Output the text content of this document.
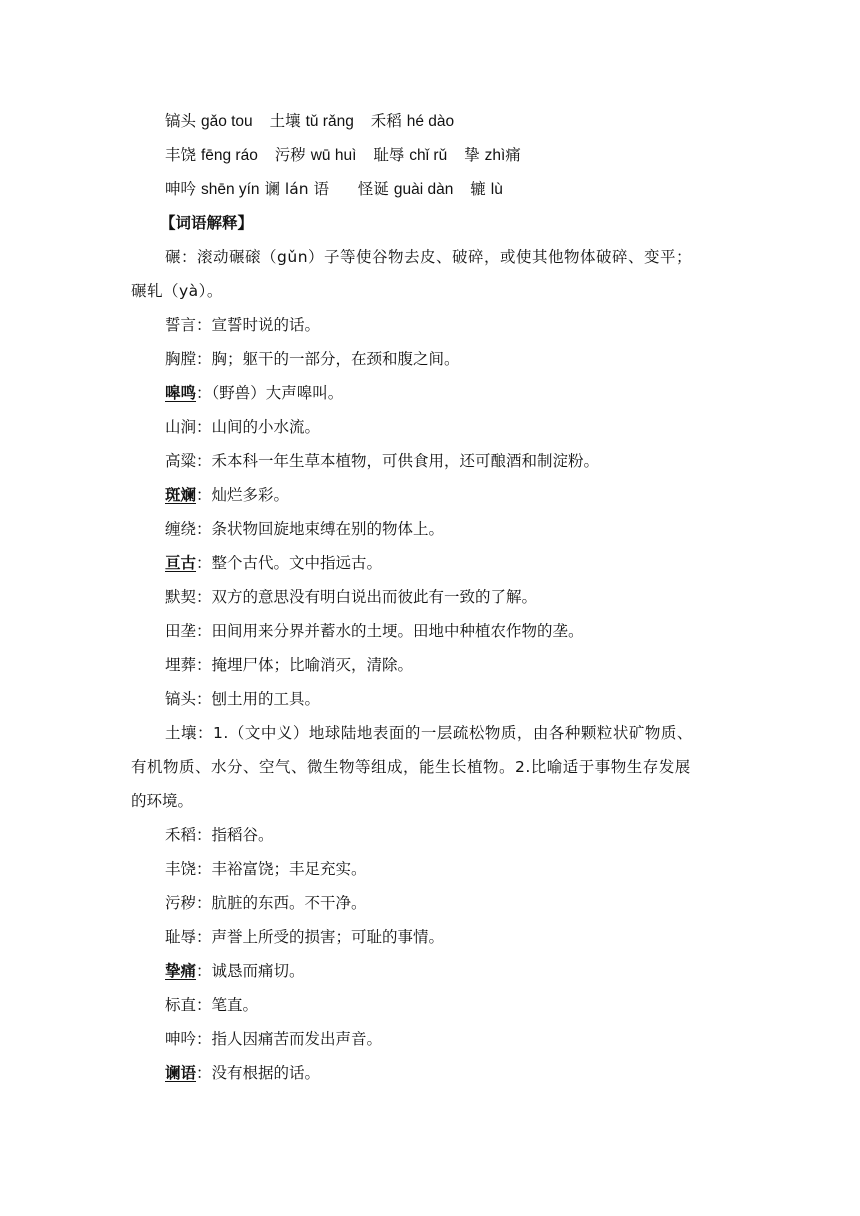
镐头 gǎo tou 土壤 tǔ rǎng 禾稻 hé dào
丰饶 fēng ráo 污秽 wū huì 耻辱 chǐ rǔ 挚 zhì痛
呻吟 shēn yín 谰 lán 语 怪诞 guài dàn 辘 lù
【词语解释】
碾：滚动碾磙（gǔn）子等使谷物去皮、破碎，或使其他物体破碎、变平；
碾轧（yà）。
誓言：宣誓时说的话。
胸膛：胸；躯干的一部分，在颈和腹之间。
嗥鸣：（野兽）大声嗥叫。
山涧：山间的小水流。
高粱：禾本科一年生草本植物，可供食用，还可酿酒和制淀粉。
斑斓：灿烂多彩。
缠绕：条状物回旋地束缚在别的物体上。
亘古：整个古代。文中指远古。
默契：双方的意思没有明白说出而彼此有一致的了解。
田垄：田间用来分界并蓄水的土埂。田地中种植农作物的垄。
埋葬：掩埋尸体；比喻消灭，清除。
镐头：刨土用的工具。
土壤：1.（文中义）地球陆地表面的一层疏松物质，由各种颗粒状矿物质、
有机物质、水分、空气、微生物等组成，能生长植物。2.比喻适于事物生存发展
的环境。
禾稻：指稻谷。
丰饶：丰裕富饶；丰足充实。
污秽：肮脏的东西。不干净。
耻辱：声誉上所受的损害；可耻的事情。
挚痛：诚恳而痛切。
标直：笔直。
呻吟：指人因痛苦而发出声音。
谰语：没有根据的话。
